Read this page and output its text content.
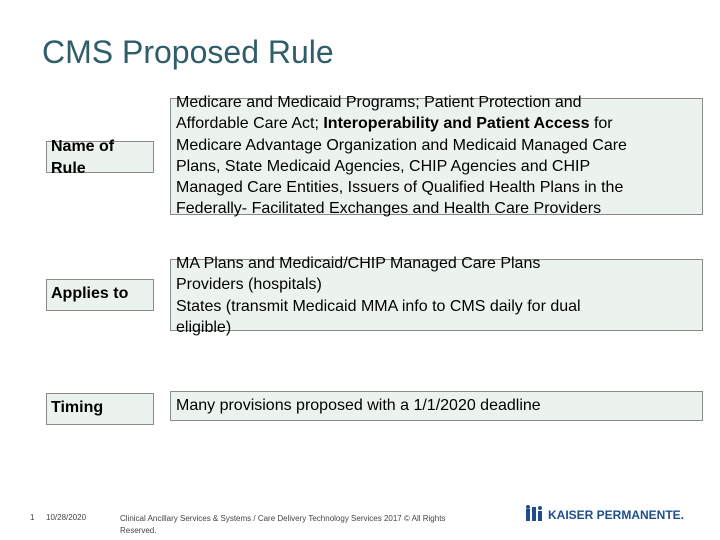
CMS Proposed Rule
Name of
Rule
Medicare and Medicaid Programs; Patient Protection and
Affordable Care Act; Interoperability and Patient Access for
Medicare Advantage Organization and Medicaid Managed Care
Plans, State Medicaid Agencies, CHIP Agencies and CHIP
Managed Care Entities, Issuers of Qualified Health Plans in the
Federally- Facilitated Exchanges and Health Care Providers
Applies to
MA Plans and Medicaid/CHIP Managed Care Plans
Providers (hospitals)
States (transmit Medicaid MMA info to CMS daily for dual
eligible)
Timing	Many provisions proposed with a 1/1/2020 deadline
1 10/28/2020	Clinical Ancillary Services & Systems / Care Delivery Technology Services 2017 © All Rights Reserved.
KAISER PERMANENTE.
